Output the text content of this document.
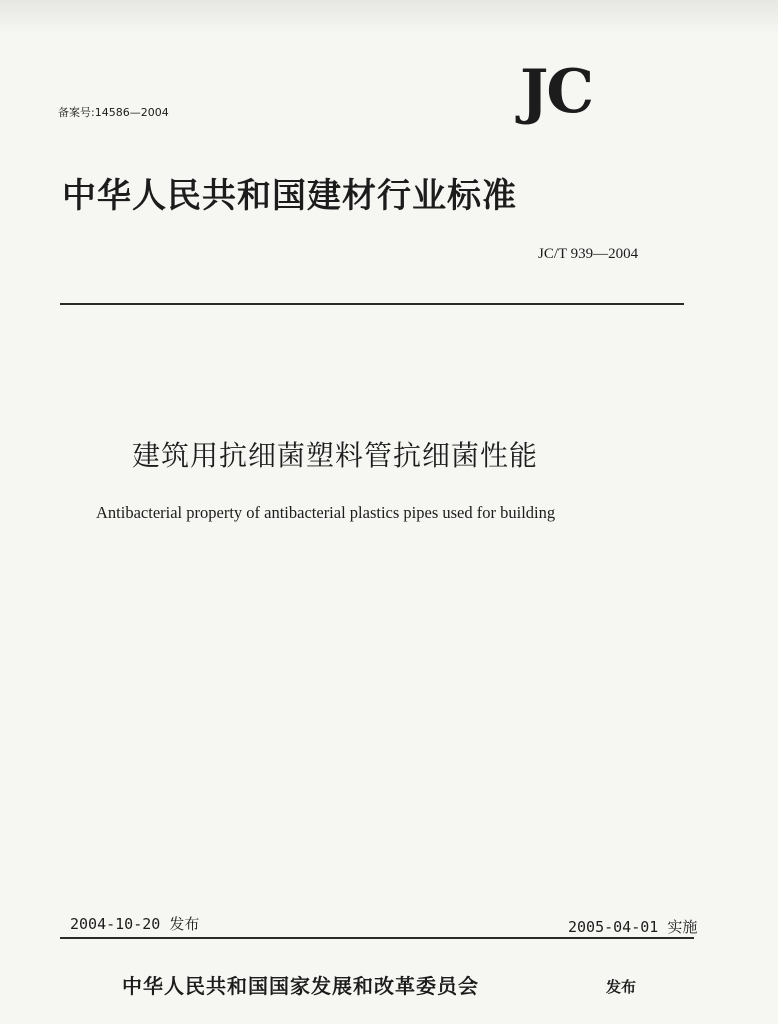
备案号:14586—2004	JC
中华人民共和国建材行业标准
JC/T 939—2004
建筑用抗细菌塑料管抗细菌性能
Antibacterial property of antibacterial plastics pipes used for building
2004-10-20 发布	2005-04-01 实施
中华人民共和国国家发展和改革委员会	发布
